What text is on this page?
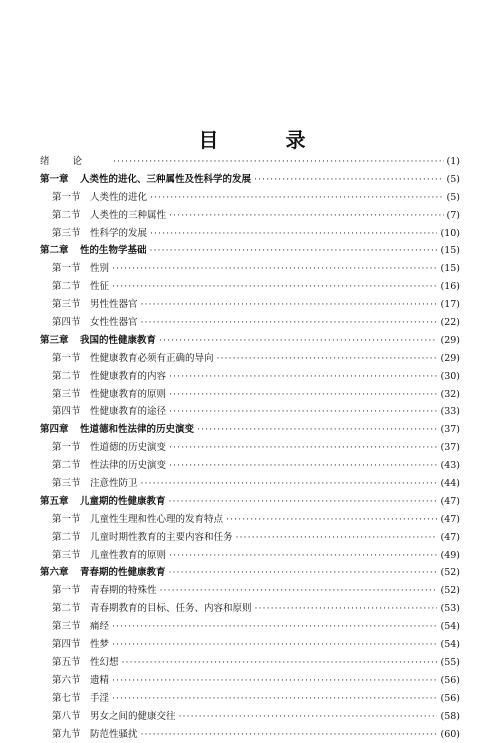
目 录
绪 论 ·····	(1)
第一章	人类性的进化、三种属性及性科学的发展 ·····	(5)
第一节 人类性的进化 ·····	(5)
第二节 人类性的三种属性 ·····	(7)
第三节 性科学的发展 ·····	(10)
第二章	性的生物学基础 ·····	(15)
第一节 性别 ·····	(15)
第二节 性征 ·····	(16)
第三节 男性性器官 ·····	(17)
第四节 女性性器官 ·····	(22)
第三章	我国的性健康教育 ·····	(29)
第一节 性健康教育必须有正确的导向 ·····	(29)
第二节 性健康教育的内容 ·····	(30)
第三节 性健康教育的原则 ·····	(32)
第四节 性健康教育的途径 ·····	(33)
第四章	性道德和性法律的历史演变 ·····	(37)
第一节 性道德的历史演变 ·····	(37)
第二节 性法律的历史演变 ·····	(43)
第三节 注意性防卫 ·····	(44)
第五章	儿童期的性健康教育 ·····	(47)
第一节 儿童性生理和性心理的发育特点 ·····	(47)
第二节 儿童时期性教育的主要内容和任务 ·····	(47)
第三节 儿童性教育的原则 ·····	(49)
第六章	青春期的性健康教育 ·····	(52)
第一节 青春期的特殊性 ·····	(52)
第二节 青春期教育的目标、任务、内容和原则 ·····	(53)
第三节 痛经 ·····	(54)
第四节 性梦 ·····	(54)
第五节 性幻想 ·····	(55)
第六节 遗精 ·····	(56)
第七节 手淫 ·····	(56)
第八节 男女之间的健康交往 ·····	(58)
第九节 防范性骚扰 ·····	(60)
